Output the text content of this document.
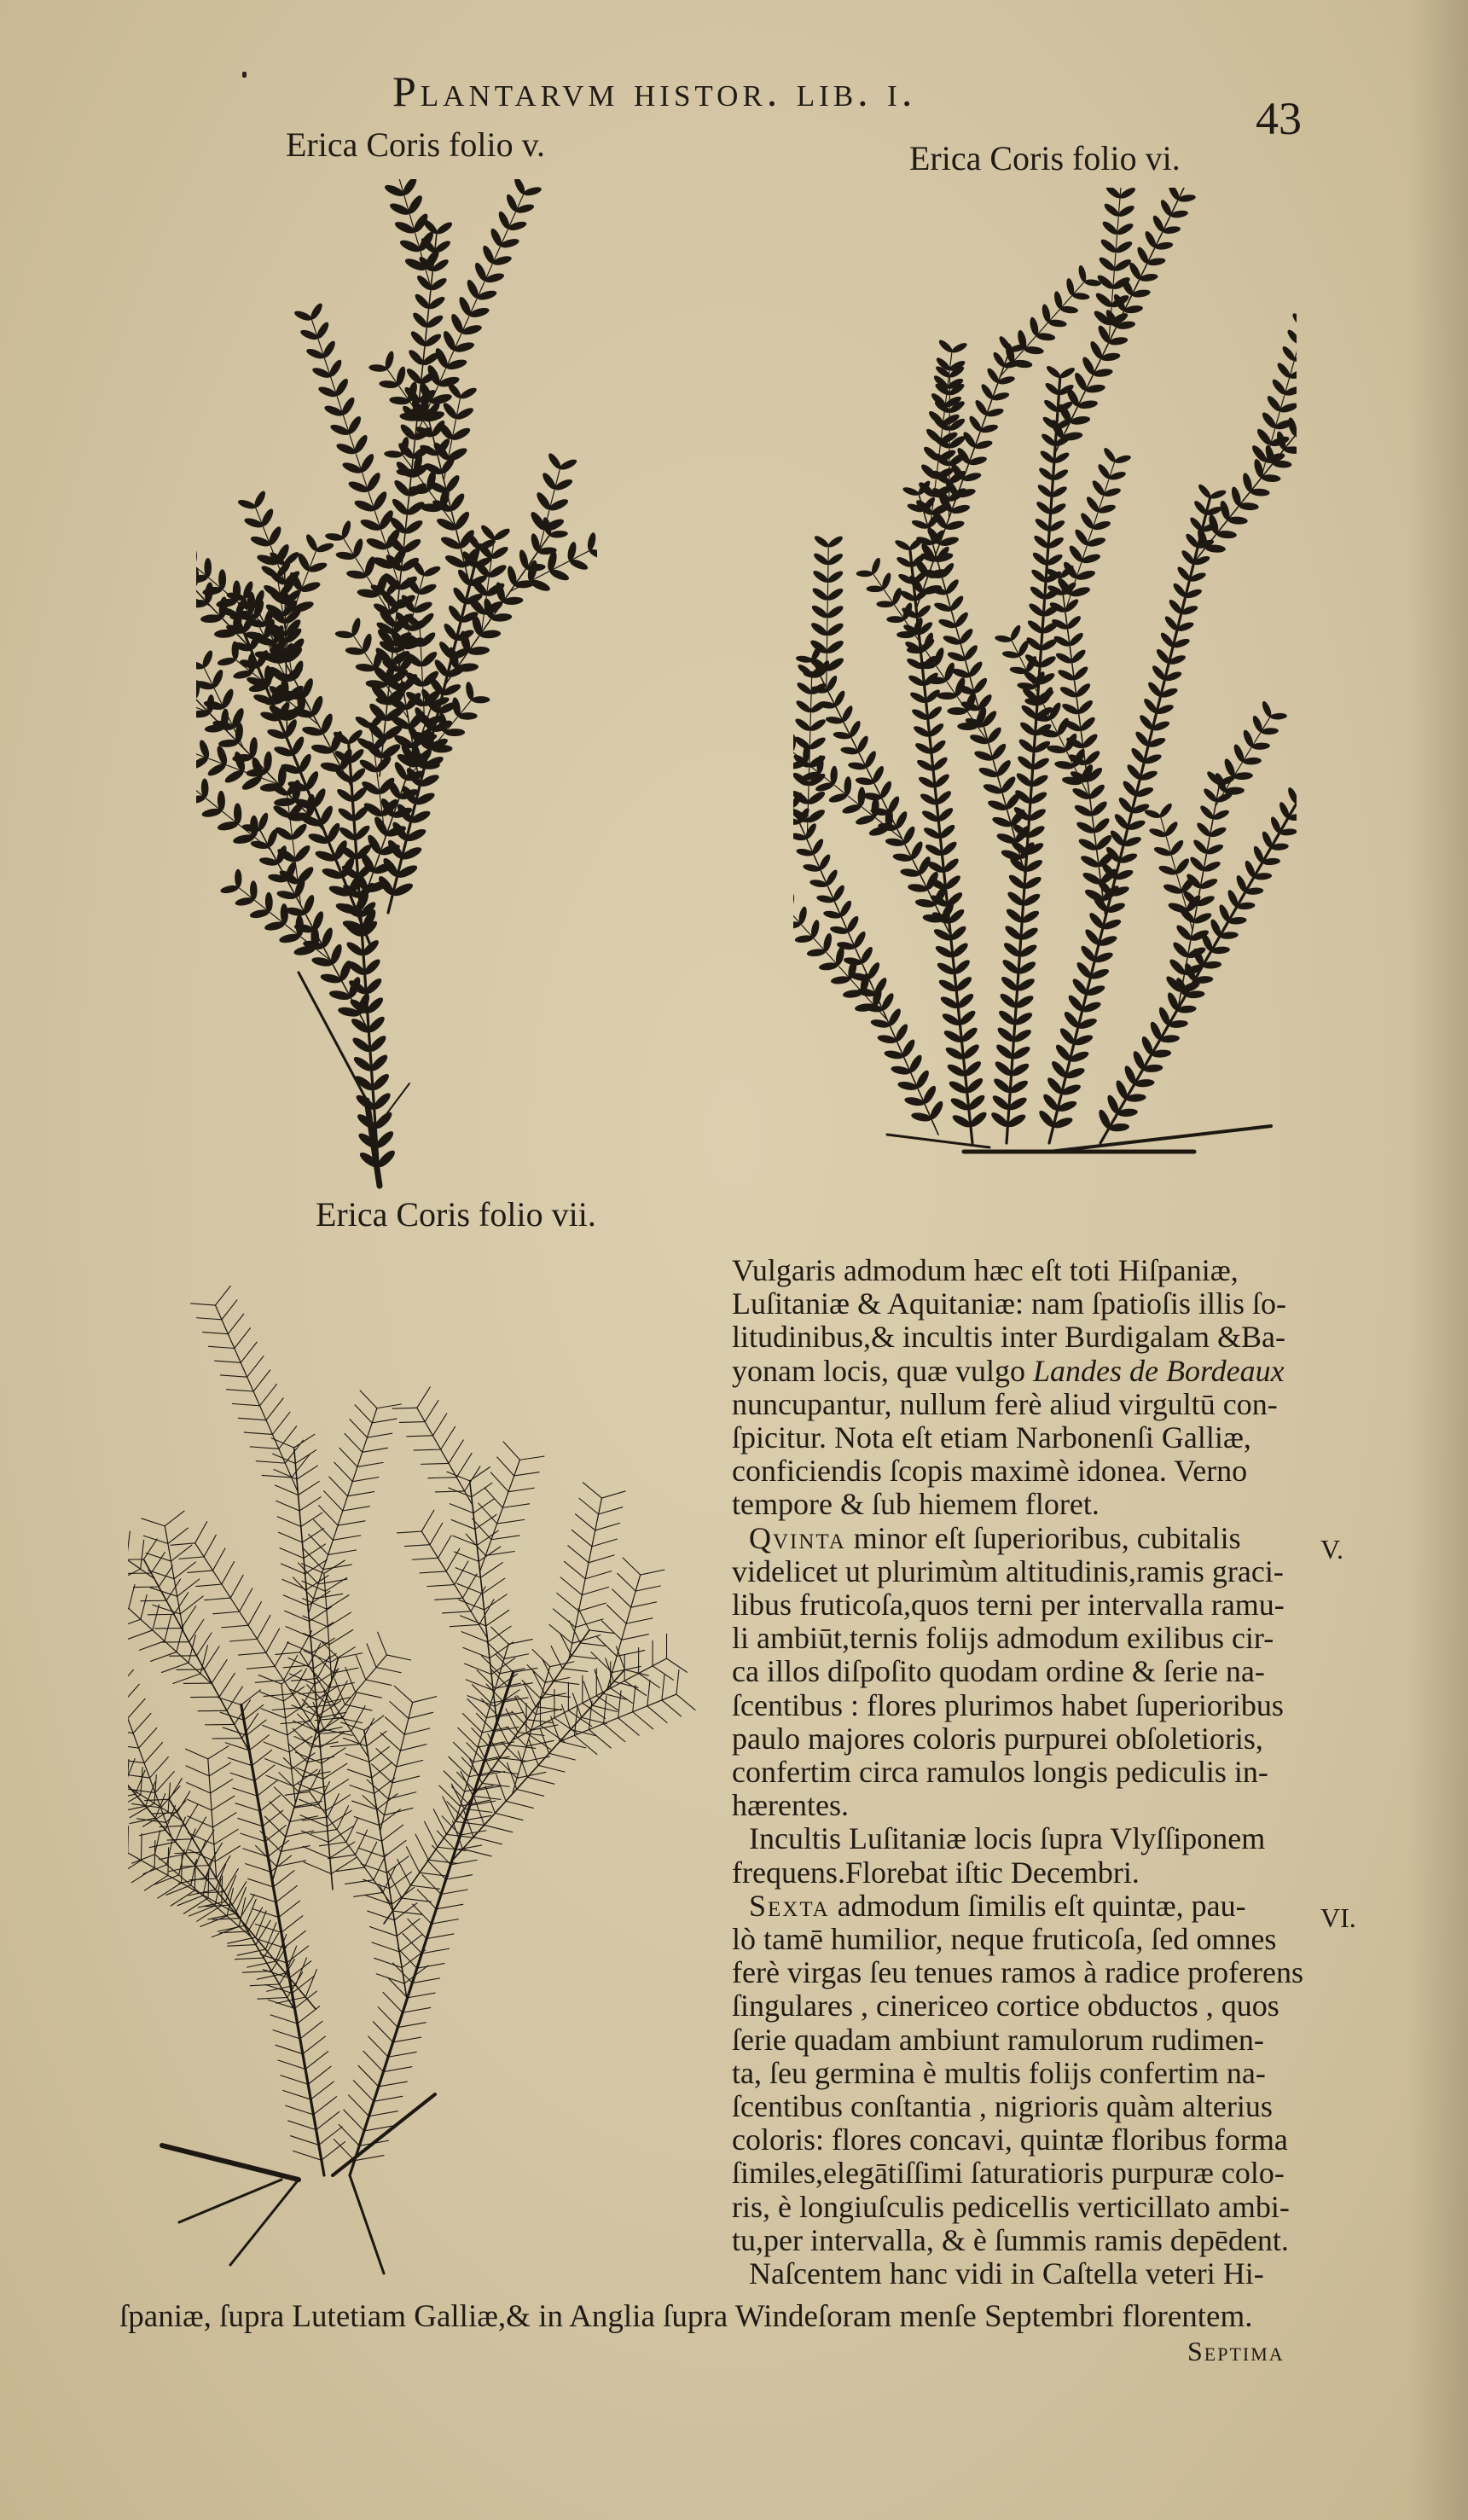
Plantarvm histor. lib. i.
43
Erica Coris folio v.	Erica Coris folio vi.
Erica Coris folio vii.

Vulgaris admodum hæc eſt toti Hiſpaniæ,
Luſitaniæ & Aquitaniæ: nam ſpatioſis illis ſo-
litudinibus,& incultis inter Burdigalam &Ba-
yonam locis, quæ vulgo Landes de Bordeaux
nuncupantur, nullum ferè aliud virgultū con-
ſpicitur. Nota eſt etiam Narbonenſi Galliæ,
conficiendis ſcopis maximè idonea. Verno
tempore & ſub hiemem floret.

Qvinta minor eſt ſuperioribus, cubitalis
videlicet ut plurimùm altitudinis,ramis graci-
libus fruticoſa,quos terni per intervalla ramu-
li ambiūt,ternis folijs admodum exilibus cir-
ca illos diſpoſito quodam ordine & ſerie na-
ſcentibus : flores plurimos habet ſuperioribus
paulo majores coloris purpurei obſoletioris,
confertim circa ramulos longis pediculis in-
hærentes.

Incultis Luſitaniæ locis ſupra Vlyſſiponem
frequens.Florebat iſtic Decembri.

Sexta admodum ſimilis eſt quintæ, pau-
lò tamē humilior, neque fruticoſa, ſed omnes
ferè virgas ſeu tenues ramos à radice proferens
ſingulares , cinericeo cortice obductos , quos
ſerie quadam ambiunt ramulorum rudimen-
ta, ſeu germina è multis folijs confertim na-
ſcentibus conſtantia , nigrioris quàm alterius
coloris: flores concavi, quintæ floribus forma
ſimiles,elegātiſſimi ſaturatioris purpuræ colo-
ris, è longiuſculis pedicellis verticillato ambi-
tu,per intervalla, & è ſummis ramis depēdent.

Naſcentem hanc vidi in Caſtella veteri Hi-

V.
VI.
ſpaniæ, ſupra Lutetiam Galliæ,& in Anglia ſupra Windeſoram menſe Septembri florentem.
Septima
